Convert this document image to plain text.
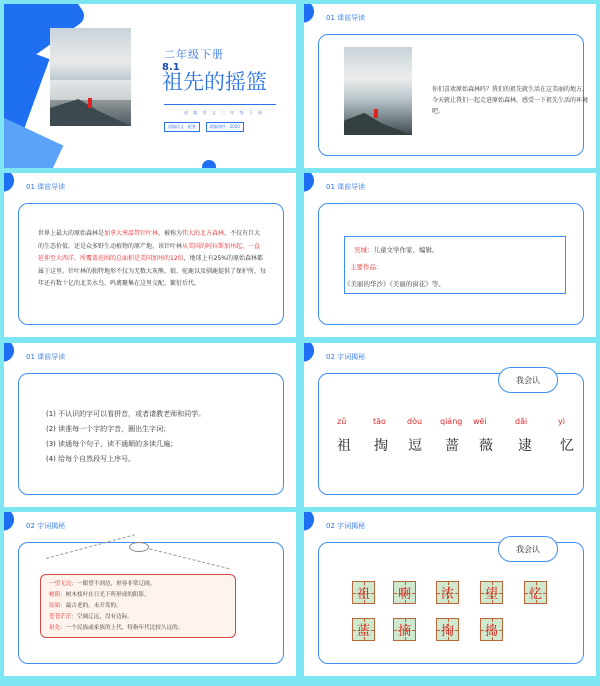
二年级下册
8.1
祖先的摇篮
部 编 语 文 二 年 级 下 册
部编语文 · 配套	精编课件 · 2020
01 课前导读
你们喜欢原始森林吗？我们的祖先就生活在这美丽的地方，今天就让我们一起走进原始森林，感受一下祖先生活的环境吧。
01 课前导读
世界上最大的原始森林是加拿大寒温带针叶林，被称为伟大的北方森林，不仅有巨大的生态价值，还是众多野生动植物的原产地。该针叶林从美国的阿拉斯加州起，一直延伸至大西洋，所覆盖范围的总面积是美国加州的12倍，地球上有25%的原始森林都属于这里。针叶林的独特地形不仅为无数大灰熊、狼、驼鹿以及驯鹿提供了保护所，每年还有数十亿的北美水鸟、鸣禽聚集在这里交配、繁衍后代。
01 课前导读
吴城：儿童文学作家、编辑。
主要作品：
《美丽的华沙》《美丽的窗花》等。
01 课前导读
(1) 不认识的字可以看拼音，或者请教老师和同学。
(2) 读准每一个字的字音，圈出生字词；
(3) 读通每个句子，读不通顺的多读几遍；
(4) 给每个自然段写上序号。
02 字词揭秘
我会认
zǔ	tāo	dòu qiáng wēi	dǎi	yì
祖 掏 逗 蔷 薇 逮 忆
02 字词揭秘
一望无边：一眼望不到边，形容非常辽阔。
树阴：树木枝叶在日光下所形成的阴影。
原始：最古老的，未开发的。
苍苍茫茫：空阔辽远，没有边际。
祖先：一个民族或家族的上代，特指年代比较久远的。
02 字词揭秘
我会认
祖 啊 浓 望 忆
蓝 摘 掏 捣
